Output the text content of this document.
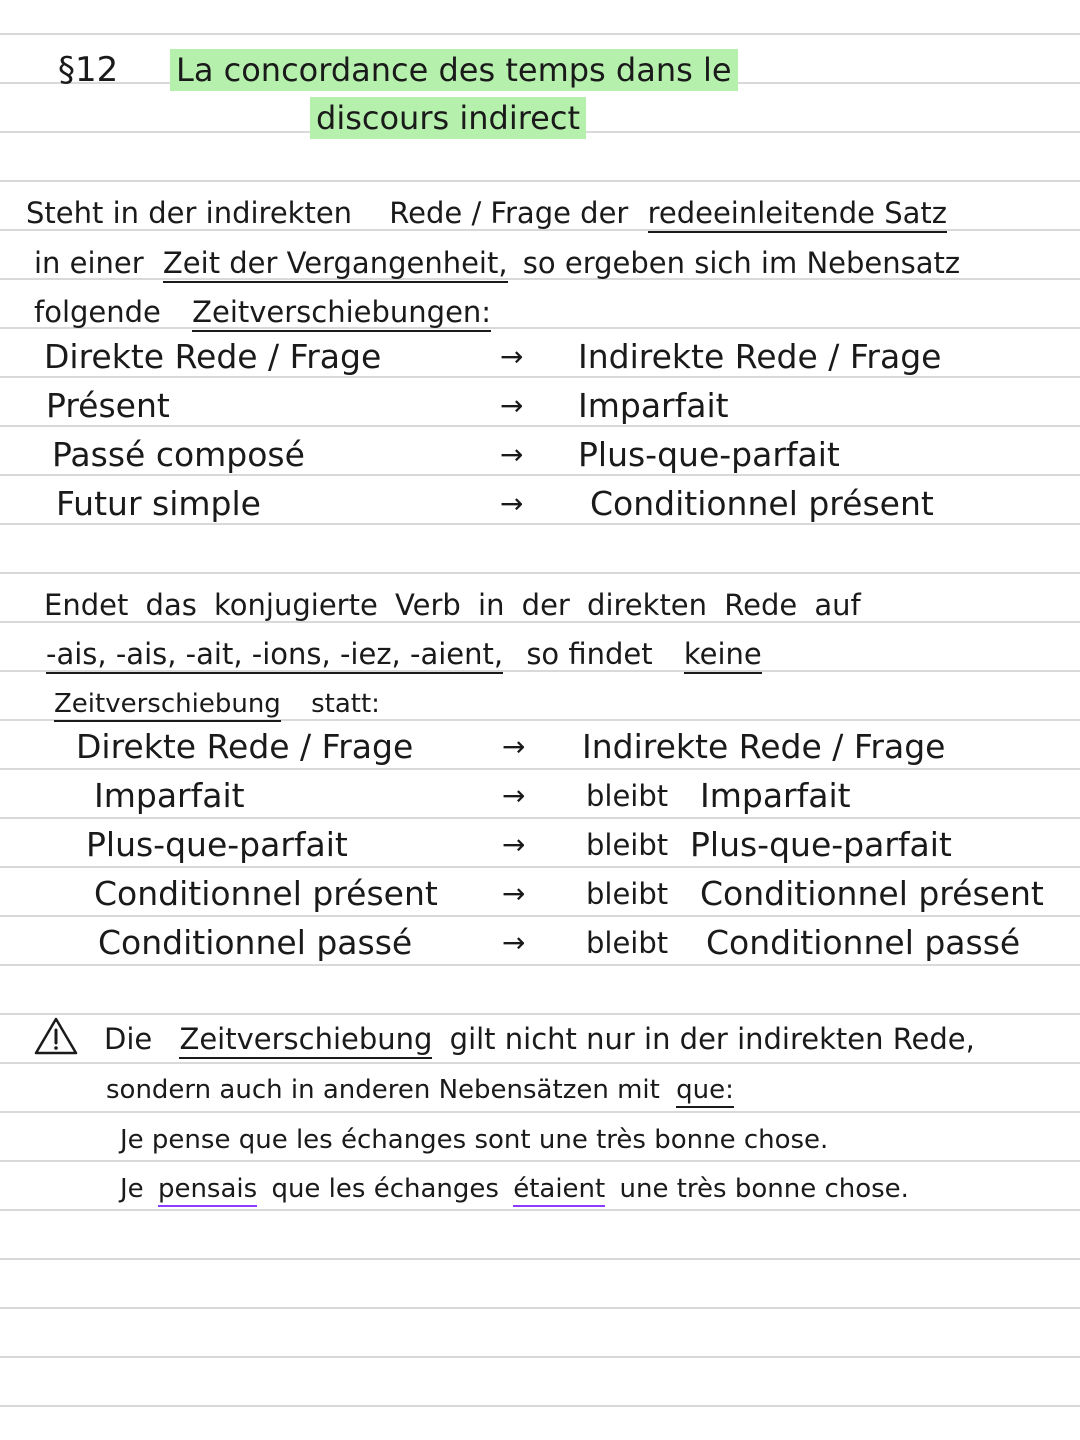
§12 La concordance des temps dans le
discours indirect
Steht in der indirekten Rede / Frage der redeeinleitende Satz
in einer Zeit der Vergangenheit, so ergeben sich im Nebensatz
folgende Zeitverschiebungen:
Direkte Rede / Frage	→ Indirekte Rede / Frage
Présent	→ Imparfait
Passé composé	→ Plus-que-parfait
Futur simple	→ Conditionnel présent
Endet das konjugierte Verb in der direkten Rede auf
-ais, -ais, -ait, -ions, -iez, -aient, so findet keine
Zeitverschiebung statt:
Direkte Rede / Frage	→ Indirekte Rede / Frage
Imparfait	→ bleibt Imparfait
Plus-que-parfait	→ bleibt Plus-que-parfait
Conditionnel présent → bleibt Conditionnel présent
Conditionnel passé	→ bleibt Conditionnel passé
Die Zeitverschiebung gilt nicht nur in der indirekten Rede,
sondern auch in anderen Nebensätzen mit que:
Je pense que les échanges sont une très bonne chose.
Je pensais que les échanges étaient une très bonne chose.
